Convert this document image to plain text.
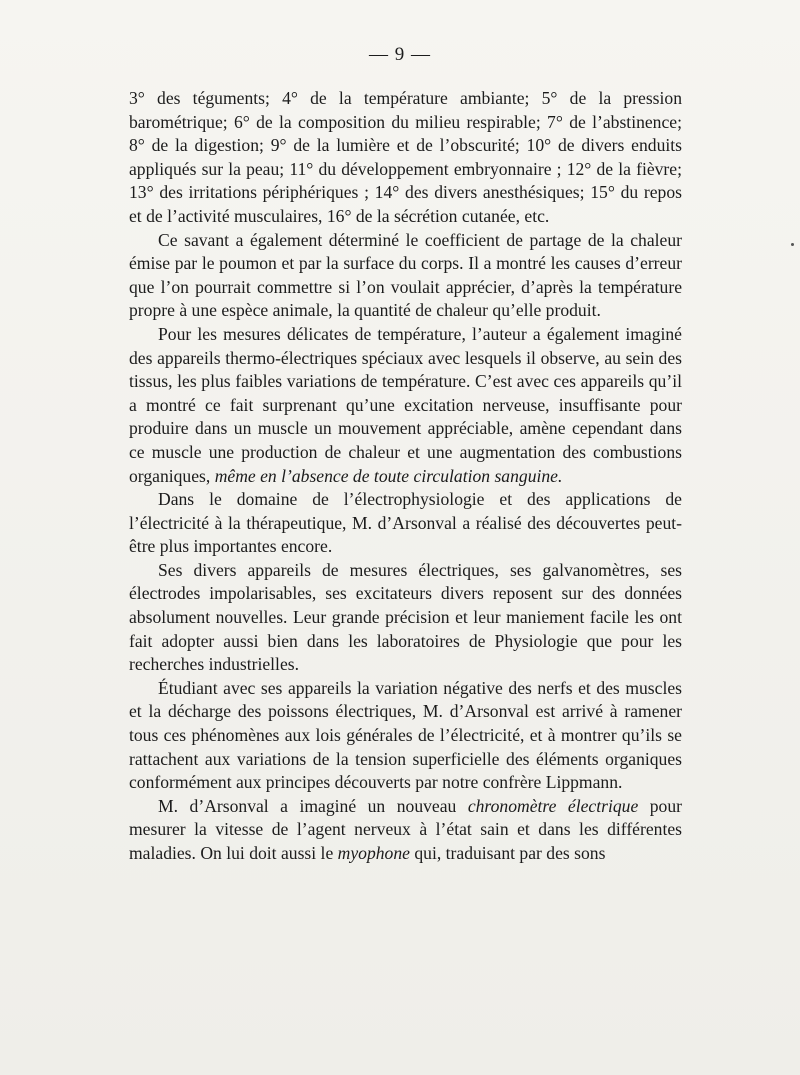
— 9 —

3° des téguments; 4° de la température ambiante; 5° de la pression barométrique; 6° de la composition du milieu respirable; 7° de l’abstinence; 8° de la digestion; 9° de la lumière et de l’obscurité; 10° de divers enduits appliqués sur la peau; 11° du développement embryonnaire ; 12° de la fièvre; 13° des irritations périphériques ; 14° des divers anesthésiques; 15° du repos et de l’activité musculaires, 16° de la sécrétion cutanée, etc.

Ce savant a également déterminé le coefficient de partage de la chaleur émise par le poumon et par la surface du corps. Il a montré les causes d’erreur que l’on pourrait commettre si l’on voulait apprécier, d’après la température propre à une espèce animale, la quantité de chaleur qu’elle produit.

Pour les mesures délicates de température, l’auteur a également imaginé des appareils thermo-électriques spéciaux avec lesquels il observe, au sein des tissus, les plus faibles variations de température. C’est avec ces appareils qu’il a montré ce fait surprenant qu’une excitation nerveuse, insuffisante pour produire dans un muscle un mouvement appréciable, amène cependant dans ce muscle une production de chaleur et une augmentation des combustions organiques, même en l’absence de toute circulation sanguine.

Dans le domaine de l’électrophysiologie et des applications de l’électricité à la thérapeutique, M. d’Arsonval a réalisé des découvertes peut-être plus importantes encore.

Ses divers appareils de mesures électriques, ses galvanomètres, ses électrodes impolarisables, ses excitateurs divers reposent sur des données absolument nouvelles. Leur grande précision et leur maniement facile les ont fait adopter aussi bien dans les laboratoires de Physiologie que pour les recherches industrielles.

Étudiant avec ses appareils la variation négative des nerfs et des muscles et la décharge des poissons électriques, M. d’Arsonval est arrivé à ramener tous ces phénomènes aux lois générales de l’électricité, et à montrer qu’ils se rattachent aux variations de la tension superficielle des éléments organiques conformément aux principes découverts par notre confrère Lippmann.

M. d’Arsonval a imaginé un nouveau chronomètre électrique pour mesurer la vitesse de l’agent nerveux à l’état sain et dans les différentes maladies. On lui doit aussi le myophone qui, traduisant par des sons
